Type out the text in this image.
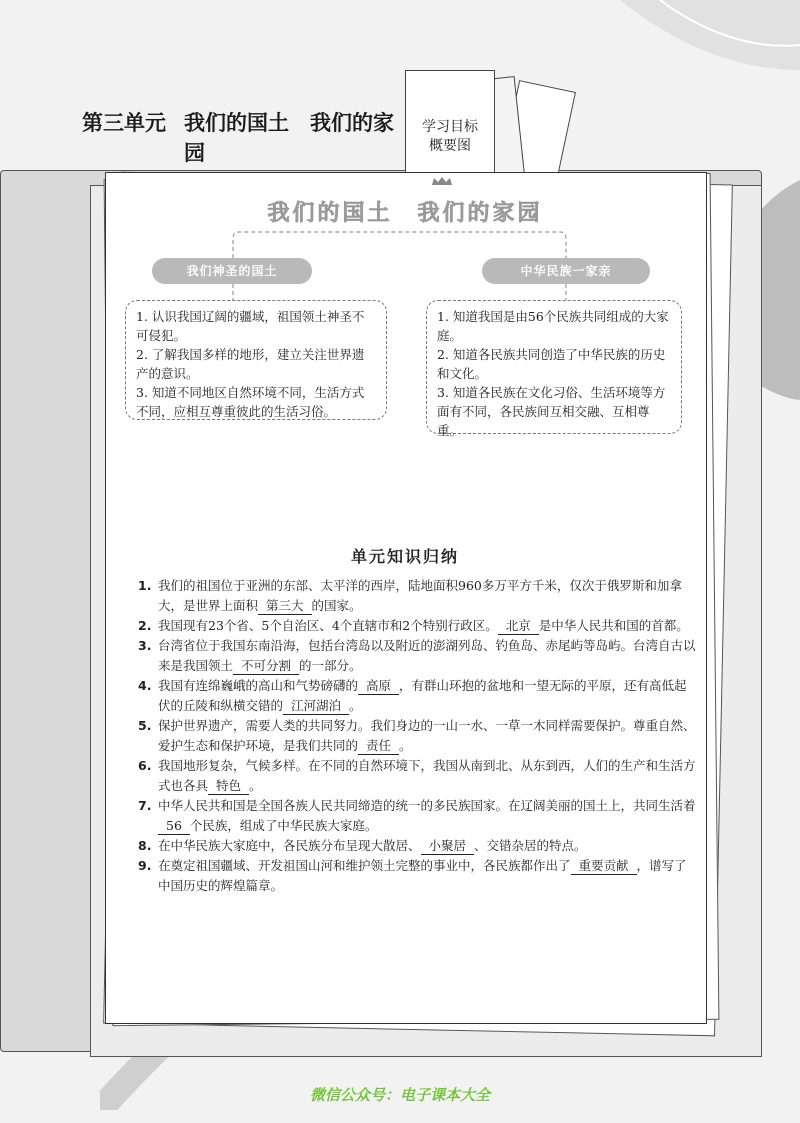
学习目标
概要图
第三单元 我们的国土　我们的家园
我们的国土　我们的家园
我们神圣的国土	中华民族一家亲

1. 认识我国辽阔的疆域，祖国领土神圣不可侵犯。

2. 了解我国多样的地形，建立关注世界遗产的意识。

3. 知道不同地区自然环境不同，生活方式不同，应相互尊重彼此的生活习俗。

1. 知道我国是由56个民族共同组成的大家庭。

2. 知道各民族共同创造了中华民族的历史和文化。

3. 知道各民族在文化习俗、生活环境等方面有不同，各民族间互相交融、互相尊重。

单元知识归纳

1. 我们的祖国位于亚洲的东部、太平洋的西岸，陆地面积960多万平方千米，仅次于俄罗斯和加拿大，是世界上面积 第三大 的国家。

2. 我国现有23个省、5个自治区、4个直辖市和2个特别行政区。 北京 是中华人民共和国的首都。

3. 台湾省位于我国东南沿海，包括台湾岛以及附近的澎湖列岛、钓鱼岛、赤尾屿等岛屿。台湾自古以来是我国领土 不可分割 的一部分。

4. 我国有连绵巍峨的高山和气势磅礴的 高原 ，有群山环抱的盆地和一望无际的平原，还有高低起伏的丘陵和纵横交错的 江河湖泊 。

5. 保护世界遗产，需要人类的共同努力。我们身边的一山一水、一草一木同样需要保护。尊重自然、爱护生态和保护环境，是我们共同的 责任 。

6. 我国地形复杂，气候多样。在不同的自然环境下，我国从南到北、从东到西，人们的生产和生活方式也各具 特色 。

7. 中华人民共和国是全国各族人民共同缔造的统一的多民族国家。在辽阔美丽的国土上，共同生活着56 个民族，组成了中华民族大家庭。

8. 在中华民族大家庭中，各民族分布呈现大散居、 小聚居 、交错杂居的特点。

9. 在奠定祖国疆域、开发祖国山河和维护领土完整的事业中，各民族都作出了 重要贡献 ，谱写了中国历史的辉煌篇章。

微信公众号：电子课本大全
